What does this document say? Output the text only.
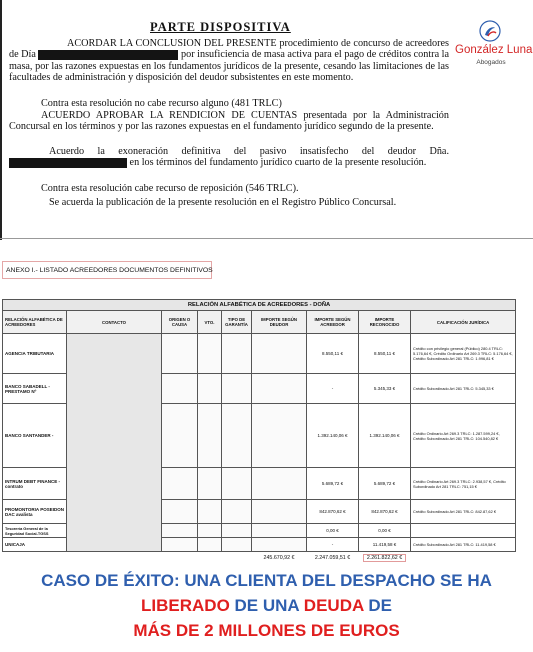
PARTE DISPOSITIVA
ACORDAR LA CONCLUSION DEL PRESENTE procedimiento de concurso de acreedores de Día	por insuficiencia de masa activa para el pago de créditos contra la masa, por las razones expuestas en los fundamentos jurídicos de la presente, cesando las limitaciones de las facultades de administración y disposición del deudor subsistentes en este momento.
Contra esta resolución no cabe recurso alguno (481 TRLC)
ACUERDO APROBAR LA RENDICION DE CUENTAS presentada por la Administración Concursal en los términos y por las razones expuestas en el fundamento jurídico segundo de la presente.
Acuerdo la exoneración definitiva del pasivo insatisfecho del deudor Dña.  en los términos del fundamento jurídico cuarto de la presente resolución.
Contra esta resolución cabe recurso de reposición (546 TRLC).
Se acuerda la publicación de la presente resolución en el Registro Público Concursal.
González Luna
Abogados
ANEXO I.- LISTADO ACREEDORES DOCUMENTOS DEFINITIVOS
RELACIÓN ALFABÉTICA DE ACREEDORES - DOÑA								
RELACIÓN ALFABÉTICA DE ACREEDORES	CONTACTO	ORIGEN O CAUSA	VTO.	TIPO DE GARANTÍA	IMPORTE SEGÚN DEUDOR	IMPORTE SEGÚN ACREEDOR	IMPORTE RECONOCIDO	CALIFICACIÓN JURÍDICA
AGENCIA TRIBUTARIA						8.550,11 €	8.550,11 €	Crédito con privilegio general (Público) 280.4 TRLC: 5.176,64 €, Crédito Ordinario Art 269.3 TRLC: 5.176,64 €, Crédito Subordinado Art 281 TRLC: 1.996,81 €
BANCO SABADELL - PRESTAMO Nº						-	5.345,33 €	Crédito Subordinado Art 281 TRLC: 5.345,33 €
BANCO SANTANDER -						1.392.140,06 €	1.392.140,06 €	Crédito Ordinario Art 269.3 TRLC: 1.287.599,24 €, Crédito Subordinado Art 281 TRLC: 104.540,82 €
INTRUM DEBT FINANCE - contrato						5.689,72 €	5.689,72 €	Crédito Ordinario Art 269.3 TRLC: 2.938,57 €, Crédito Subordinado Art 281 TRLC: 751,15 €
PROMONTORIA POSEIDON DAC avalista						842.870,62 €	842.870,62 €	Crédito Subordinado Art 281 TRLC: 842.87,62 €
Tesorería General de la Seguridad Social-TGSS						0,00 €	0,00 €	
UNICAJA						-	11.419,58 €	Crédito Subordinado Art 281 TRLC: 11.419,58 €
					245.670,92 €	2.247.059,51 €	2.261.822,62 €	
CASO DE ÉXITO: UNA CLIENTA DEL DESPACHO SE HA
LIBERADO DE UNA DEUDA DE
MÁS DE 2 MILLONES DE EUROS
